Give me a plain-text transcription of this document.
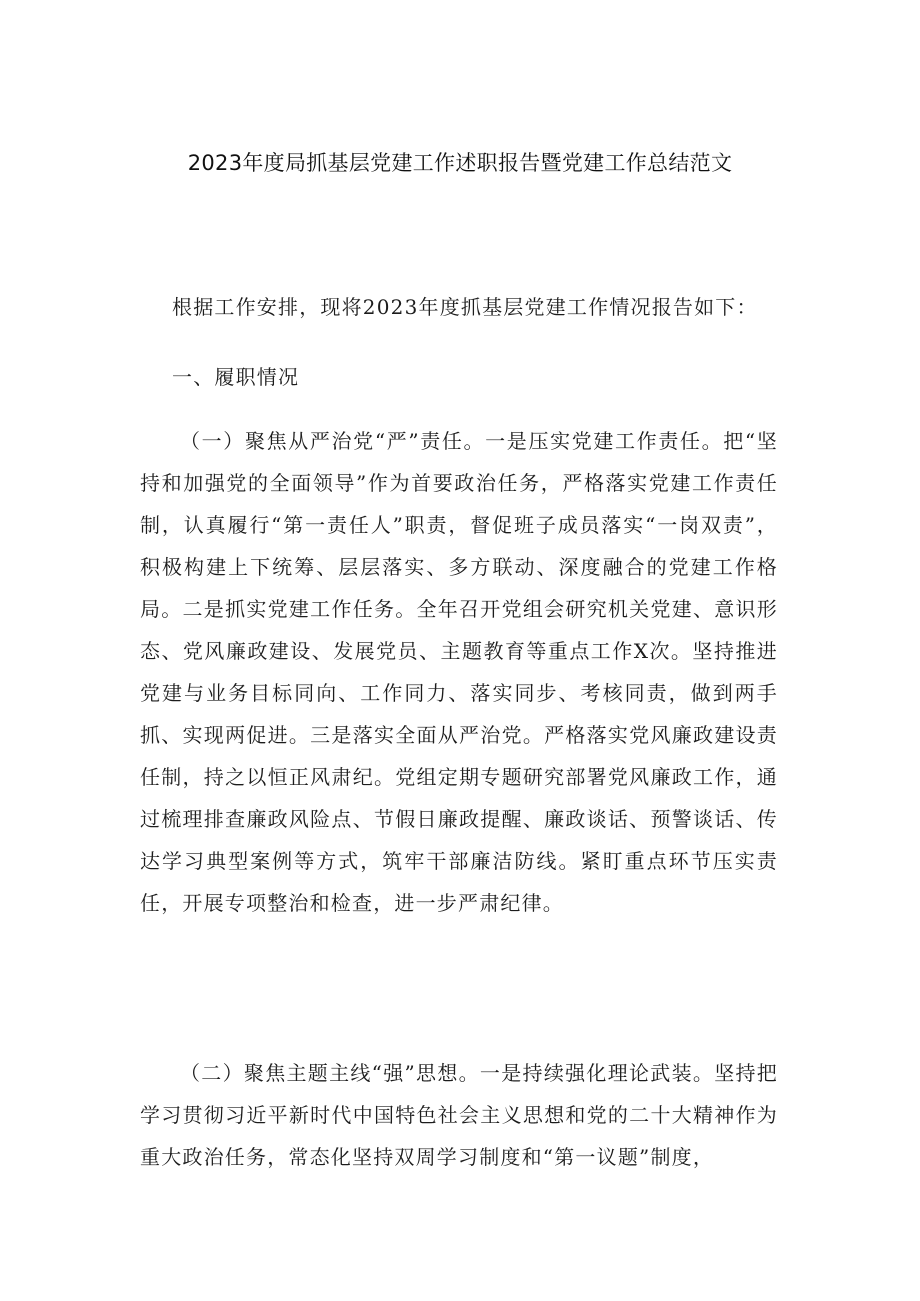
2023年度局抓基层党建工作述职报告暨党建工作总结范文
根据工作安排，现将2023年度抓基层党建工作情况报告如下：
一、履职情况
（一）聚焦从严治党“严”责任。一是压实党建工作责任。把“坚持和加强党的全面领导”作为首要政治任务，严格落实党建工作责任制，认真履行“第一责任人”职责，督促班子成员落实“一岗双责”，积极构建上下统筹、层层落实、多方联动、深度融合的党建工作格局。二是抓实党建工作任务。全年召开党组会研究机关党建、意识形态、党风廉政建设、发展党员、主题教育等重点工作X次。坚持推进党建与业务目标同向、工作同力、落实同步、考核同责，做到两手抓、实现两促进。三是落实全面从严治党。严格落实党风廉政建设责任制，持之以恒正风肃纪。党组定期专题研究部署党风廉政工作，通过梳理排查廉政风险点、节假日廉政提醒、廉政谈话、预警谈话、传达学习典型案例等方式，筑牢干部廉洁防线。紧盯重点环节压实责任，开展专项整治和检查，进一步严肃纪律。
（二）聚焦主题主线“强”思想。一是持续强化理论武装。坚持把学习贯彻习近平新时代中国特色社会主义思想和党的二十大精神作为重大政治任务，常态化坚持双周学习制度和“第一议题”制度，
